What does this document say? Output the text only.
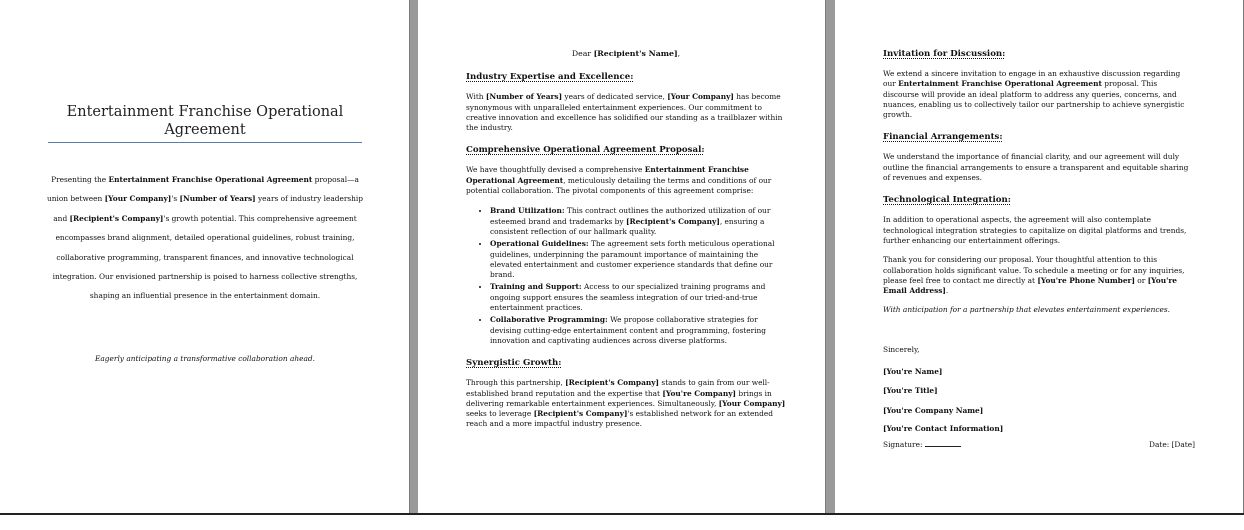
Entertainment Franchise Operational Agreement

Presenting the Entertainment Franchise Operational Agreement proposal—a union between [Your Company]'s [Number of Years] years of industry leadership and [Recipient's Company]'s growth potential. This comprehensive agreement encompasses brand alignment, detailed operational guidelines, robust training, collaborative programming, transparent finances, and innovative technological integration. Our envisioned partnership is poised to harness collective strengths, shaping an influential presence in the entertainment domain.

Eagerly anticipating a transformative collaboration ahead.

Dear [Recipient's Name],

Industry Expertise and Excellence:

With [Number of Years] years of dedicated service, [Your Company] has become synonymous with unparalleled entertainment experiences. Our commitment to creative innovation and excellence has solidified our standing as a trailblazer within the industry.

Comprehensive Operational Agreement Proposal:

We have thoughtfully devised a comprehensive Entertainment Franchise Operational Agreement, meticulously detailing the terms and conditions of our potential collaboration. The pivotal components of this agreement comprise:

• Brand Utilization: This contract outlines the authorized utilization of our esteemed brand and trademarks by [Recipient's Company], ensuring a consistent reflection of our hallmark quality.
• Operational Guidelines: The agreement sets forth meticulous operational guidelines, underpinning the paramount importance of maintaining the elevated entertainment and customer experience standards that define our brand.
• Training and Support: Access to our specialized training programs and ongoing support ensures the seamless integration of our tried-and-true entertainment practices.
• Collaborative Programming: We propose collaborative strategies for devising cutting-edge entertainment content and programming, fostering innovation and captivating audiences across diverse platforms.
Synergistic Growth:

Through this partnership, [Recipient's Company] stands to gain from our well-established brand reputation and the expertise that [You're Company] brings in delivering remarkable entertainment experiences. Simultaneously, [Your Company] seeks to leverage [Recipient's Company]'s established network for an extended reach and a more impactful industry presence.

Invitation for Discussion:

We extend a sincere invitation to engage in an exhaustive discussion regarding our Entertainment Franchise Operational Agreement proposal. This discourse will provide an ideal platform to address any queries, concerns, and nuances, enabling us to collectively tailor our partnership to achieve synergistic growth.

Financial Arrangements:

We understand the importance of financial clarity, and our agreement will duly outline the financial arrangements to ensure a transparent and equitable sharing of revenues and expenses.

Technological Integration:

In addition to operational aspects, the agreement will also contemplate technological integration strategies to capitalize on digital platforms and trends, further enhancing our entertainment offerings.

Thank you for considering our proposal. Your thoughtful attention to this collaboration holds significant value. To schedule a meeting or for any inquiries, please feel free to contact me directly at [You're Phone Number] or [You're Email Address].

With anticipation for a partnership that elevates entertainment experiences.

Sincerely,

[You're Name]

[You're Title]

[You're Company Name]

[You're Contact Information]

Signature:	Date: [Date]
